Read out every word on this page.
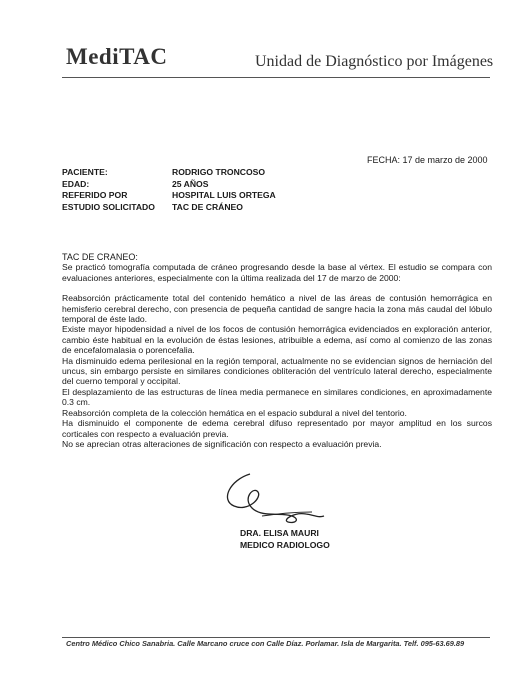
MediTAC	Unidad de Diagnóstico por Imágenes
FECHA: 17 de marzo de 2000
PACIENTE:	RODRIGO TRONCOSO
EDAD:	25 AÑOS
REFERIDO POR	HOSPITAL LUIS ORTEGA
ESTUDIO SOLICITADO	TAC DE CRÁNEO

TAC DE CRANEO:

Se practicó tomografía computada de cráneo progresando desde la base al vértex. El estudio se compara con evaluaciones anteriores, especialmente con la última realizada del 17 de marzo de 2000:

Reabsorción prácticamente total del contenido hemático a nivel de las áreas de contusión hemorrágica en hemisferio cerebral derecho, con presencia de pequeña cantidad de sangre hacia la zona más caudal del lóbulo temporal de éste lado.

Existe mayor hipodensidad a nivel de los focos de contusión hemorrágica evidenciados en exploración anterior, cambio éste habitual en la evolución de éstas lesiones, atribuible a edema, así como al comienzo de las zonas de encefalomalasia o porencefalia.

Ha disminuido edema perilesional en la región temporal, actualmente no se evidencian signos de herniación del uncus, sin embargo persiste en similares condiciones obliteración del ventrículo lateral derecho, especialmente del cuerno temporal y occipital.

El desplazamiento de las estructuras de línea media permanece en similares condiciones, en aproximadamente 0.3 cm.

Reabsorción completa de la colección hemática en el espacio subdural a nivel del tentorio.

Ha disminuido el componente de edema cerebral difuso representado por mayor amplitud en los surcos corticales con respecto a evaluación previa.

No se aprecian otras alteraciones de significación con respecto a evaluación previa.

DRA. ELISA MAURI
MEDICO RADIOLOGO
Centro Médico Chico Sanabria. Calle Marcano cruce con Calle Díaz. Porlamar. Isla de Margarita. Telf. 095-63.69.89
